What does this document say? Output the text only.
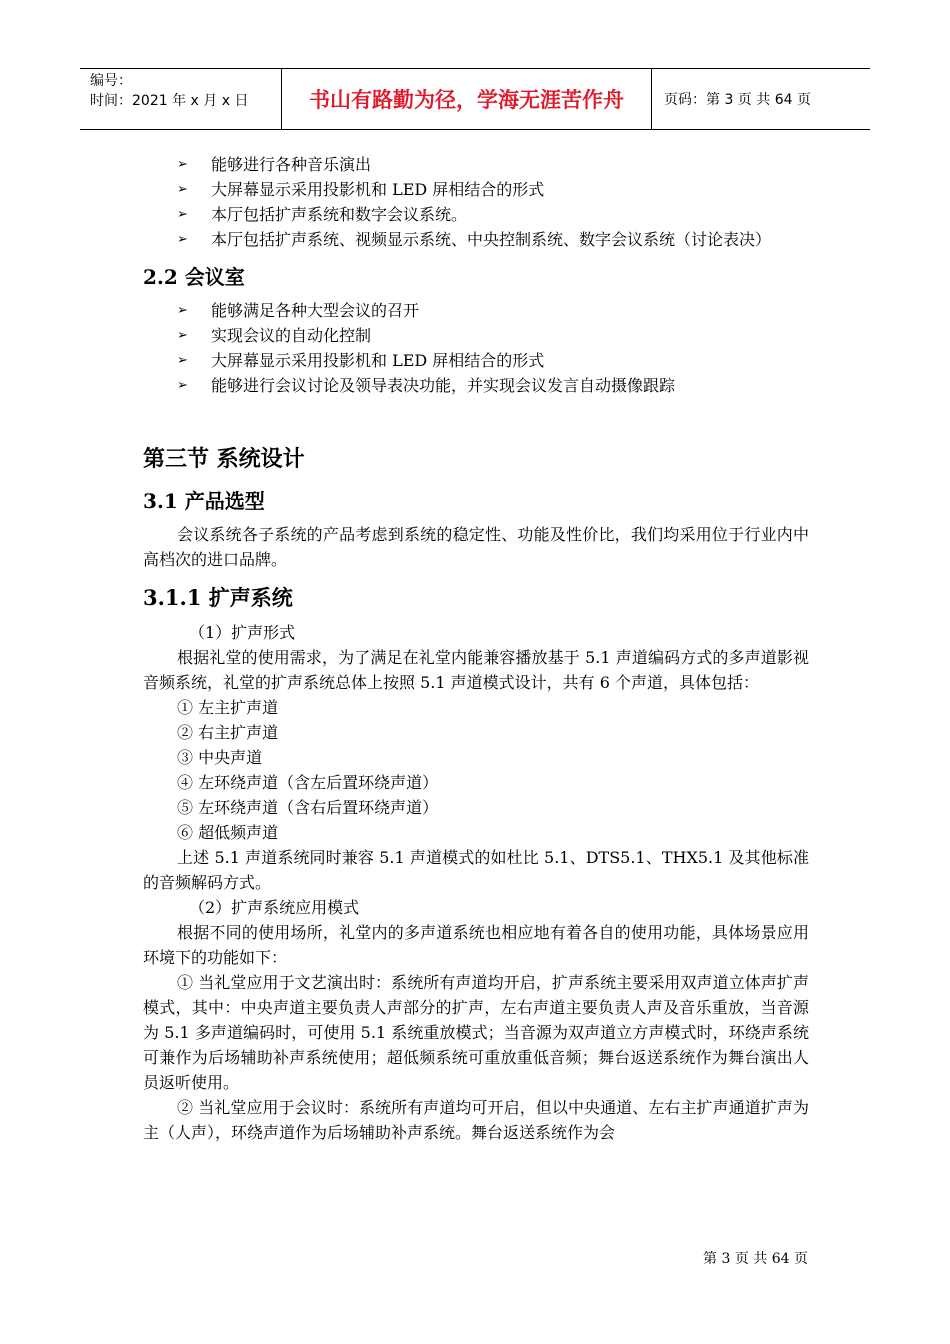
编号：
时间：2021 年 x 月 x 日	书山有路勤为径，学海无涯苦作舟	页码：第 3 页 共 64 页

➢ 能够进行各种音乐演出

➢ 大屏幕显示采用投影机和 LED 屏相结合的形式

➢ 本厅包括扩声系统和数字会议系统。

➢ 本厅包括扩声系统、视频显示系统、中央控制系统、数字会议系统（讨论表决）

2.2 会议室

➢ 能够满足各种大型会议的召开

➢ 实现会议的自动化控制

➢ 大屏幕显示采用投影机和 LED 屏相结合的形式

➢ 能够进行会议讨论及领导表决功能，并实现会议发言自动摄像跟踪

第三节 系统设计
3.1 产品选型

会议系统各子系统的产品考虑到系统的稳定性、功能及性价比，我们均采用位于行业内中高档次的进口品牌。

3.1.1 扩声系统

（1）扩声形式

根据礼堂的使用需求，为了满足在礼堂内能兼容播放基于 5.1 声道编码方式的多声道影视音频系统，礼堂的扩声系统总体上按照 5.1 声道模式设计，共有 6 个声道，具体包括：

① 左主扩声道

② 右主扩声道

③ 中央声道

④ 左环绕声道（含左后置环绕声道）

⑤ 左环绕声道（含右后置环绕声道）

⑥ 超低频声道

上述 5.1 声道系统同时兼容 5.1 声道模式的如杜比 5.1、DTS5.1、THX5.1 及其他标准的音频解码方式。

（2）扩声系统应用模式

根据不同的使用场所，礼堂内的多声道系统也相应地有着各自的使用功能，具体场景应用环境下的功能如下：

① 当礼堂应用于文艺演出时：系统所有声道均开启，扩声系统主要采用双声道立体声扩声模式，其中：中央声道主要负责人声部分的扩声，左右声道主要负责人声及音乐重放，当音源为 5.1 多声道编码时，可使用 5.1 系统重放模式；当音源为双声道立方声模式时，环绕声系统可兼作为后场辅助补声系统使用；超低频系统可重放重低音频；舞台返送系统作为舞台演出人员返听使用。

② 当礼堂应用于会议时：系统所有声道均可开启，但以中央通道、左右主扩声通道扩声为主（人声），环绕声道作为后场辅助补声系统。舞台返送系统作为会

第 3 页 共 64 页
